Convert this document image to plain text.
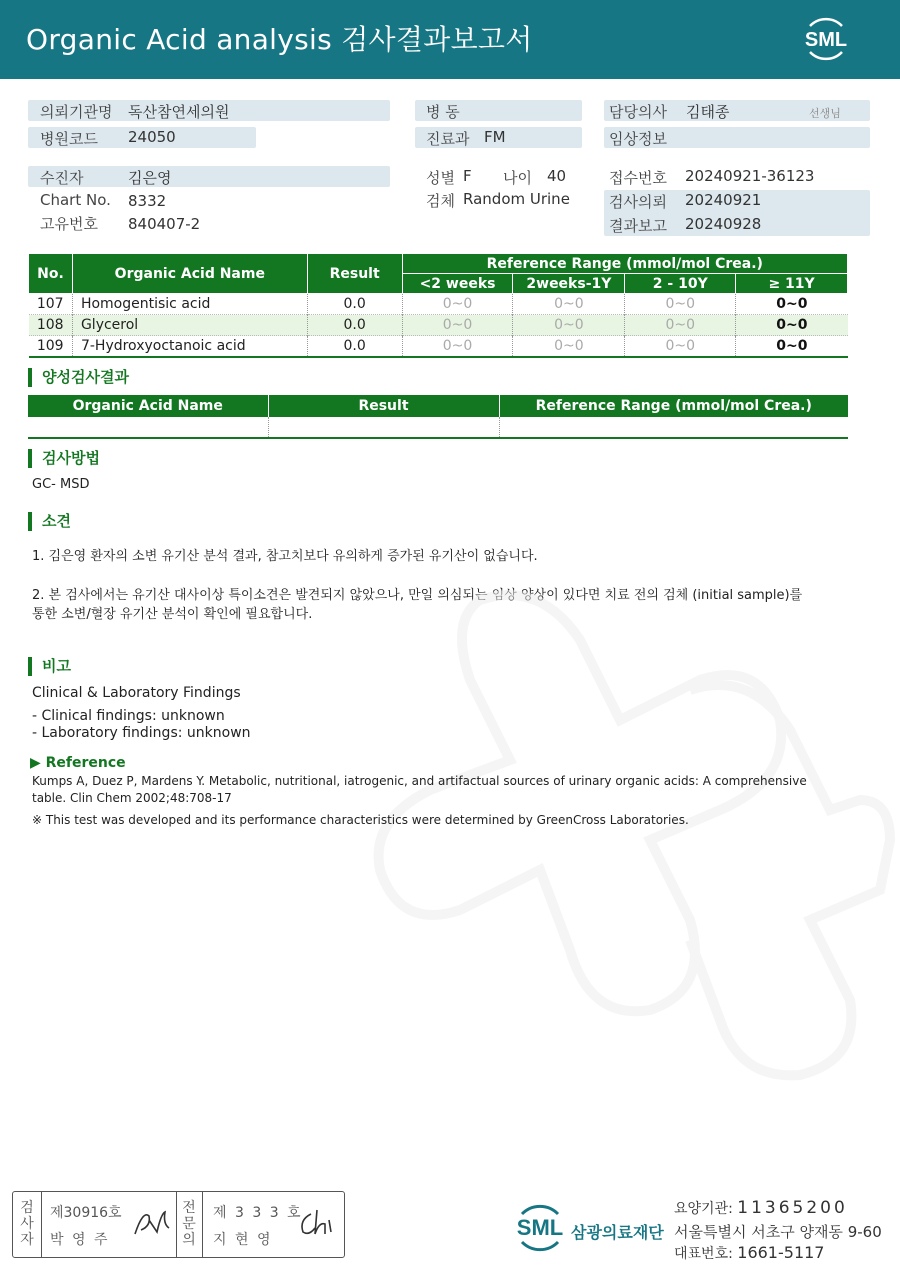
Organic Acid analysis 검사결과보고서	SML
의뢰기관명 독산참연세의원
병원코드 24050
병 동
진료과 FM
담당의사 김태종	선생님
임상정보
수진자	김은영
Chart No. 8332
고유번호 840407-2
성별 F 나이 40
검체 Random Urine
접수번호 20240921-36123
검사의뢰 20240921
결과보고 20240928
No.	Organic Acid Name	Result	Reference Range (mmol/mol Crea.)			
			<2 weeks	2weeks-1Y	2 - 10Y	≥ 11Y
107	Homogentisic acid	0.0	0~0	0~0	0~0	0~0
108	Glycerol	0.0	0~0	0~0	0~0	0~0
109	7-Hydroxyoctanoic acid	0.0	0~0	0~0	0~0	0~0
양성검사결과
Organic Acid Name	Result	Reference Range (mmol/mol Crea.)

검사방법
GC- MSD
소견
1. 김은영 환자의 소변 유기산 분석 결과, 참고치보다 유의하게 증가된 유기산이 없습니다.
2. 본 검사에서는 유기산 대사이상 특이소견은 발견되지 않았으나, 만일 의심되는 임상 양상이 있다면 치료 전의 검체 (initial sample)를
통한 소변/혈장 유기산 분석이 확인에 필요합니다.
비고
Clinical & Laboratory Findings
- Clinical findings: unknown
- Laboratory findings: unknown
▶ Reference
Kumps A, Duez P, Mardens Y. Metabolic, nutritional, iatrogenic, and artifactual sources of urinary organic acids: A comprehensive
table. Clin Chem 2002;48:708-17
※ This test was developed and its performance characteristics were determined by GreenCross Laboratories.
검
사
자
제30916호
박 영 주
전
문
의
제 3 3 3 호
지 현 영	SML 삼광의료재단
요양기관: 11365200
서울특별시 서초구 양재동 9-60
대표번호: 1661-5117
